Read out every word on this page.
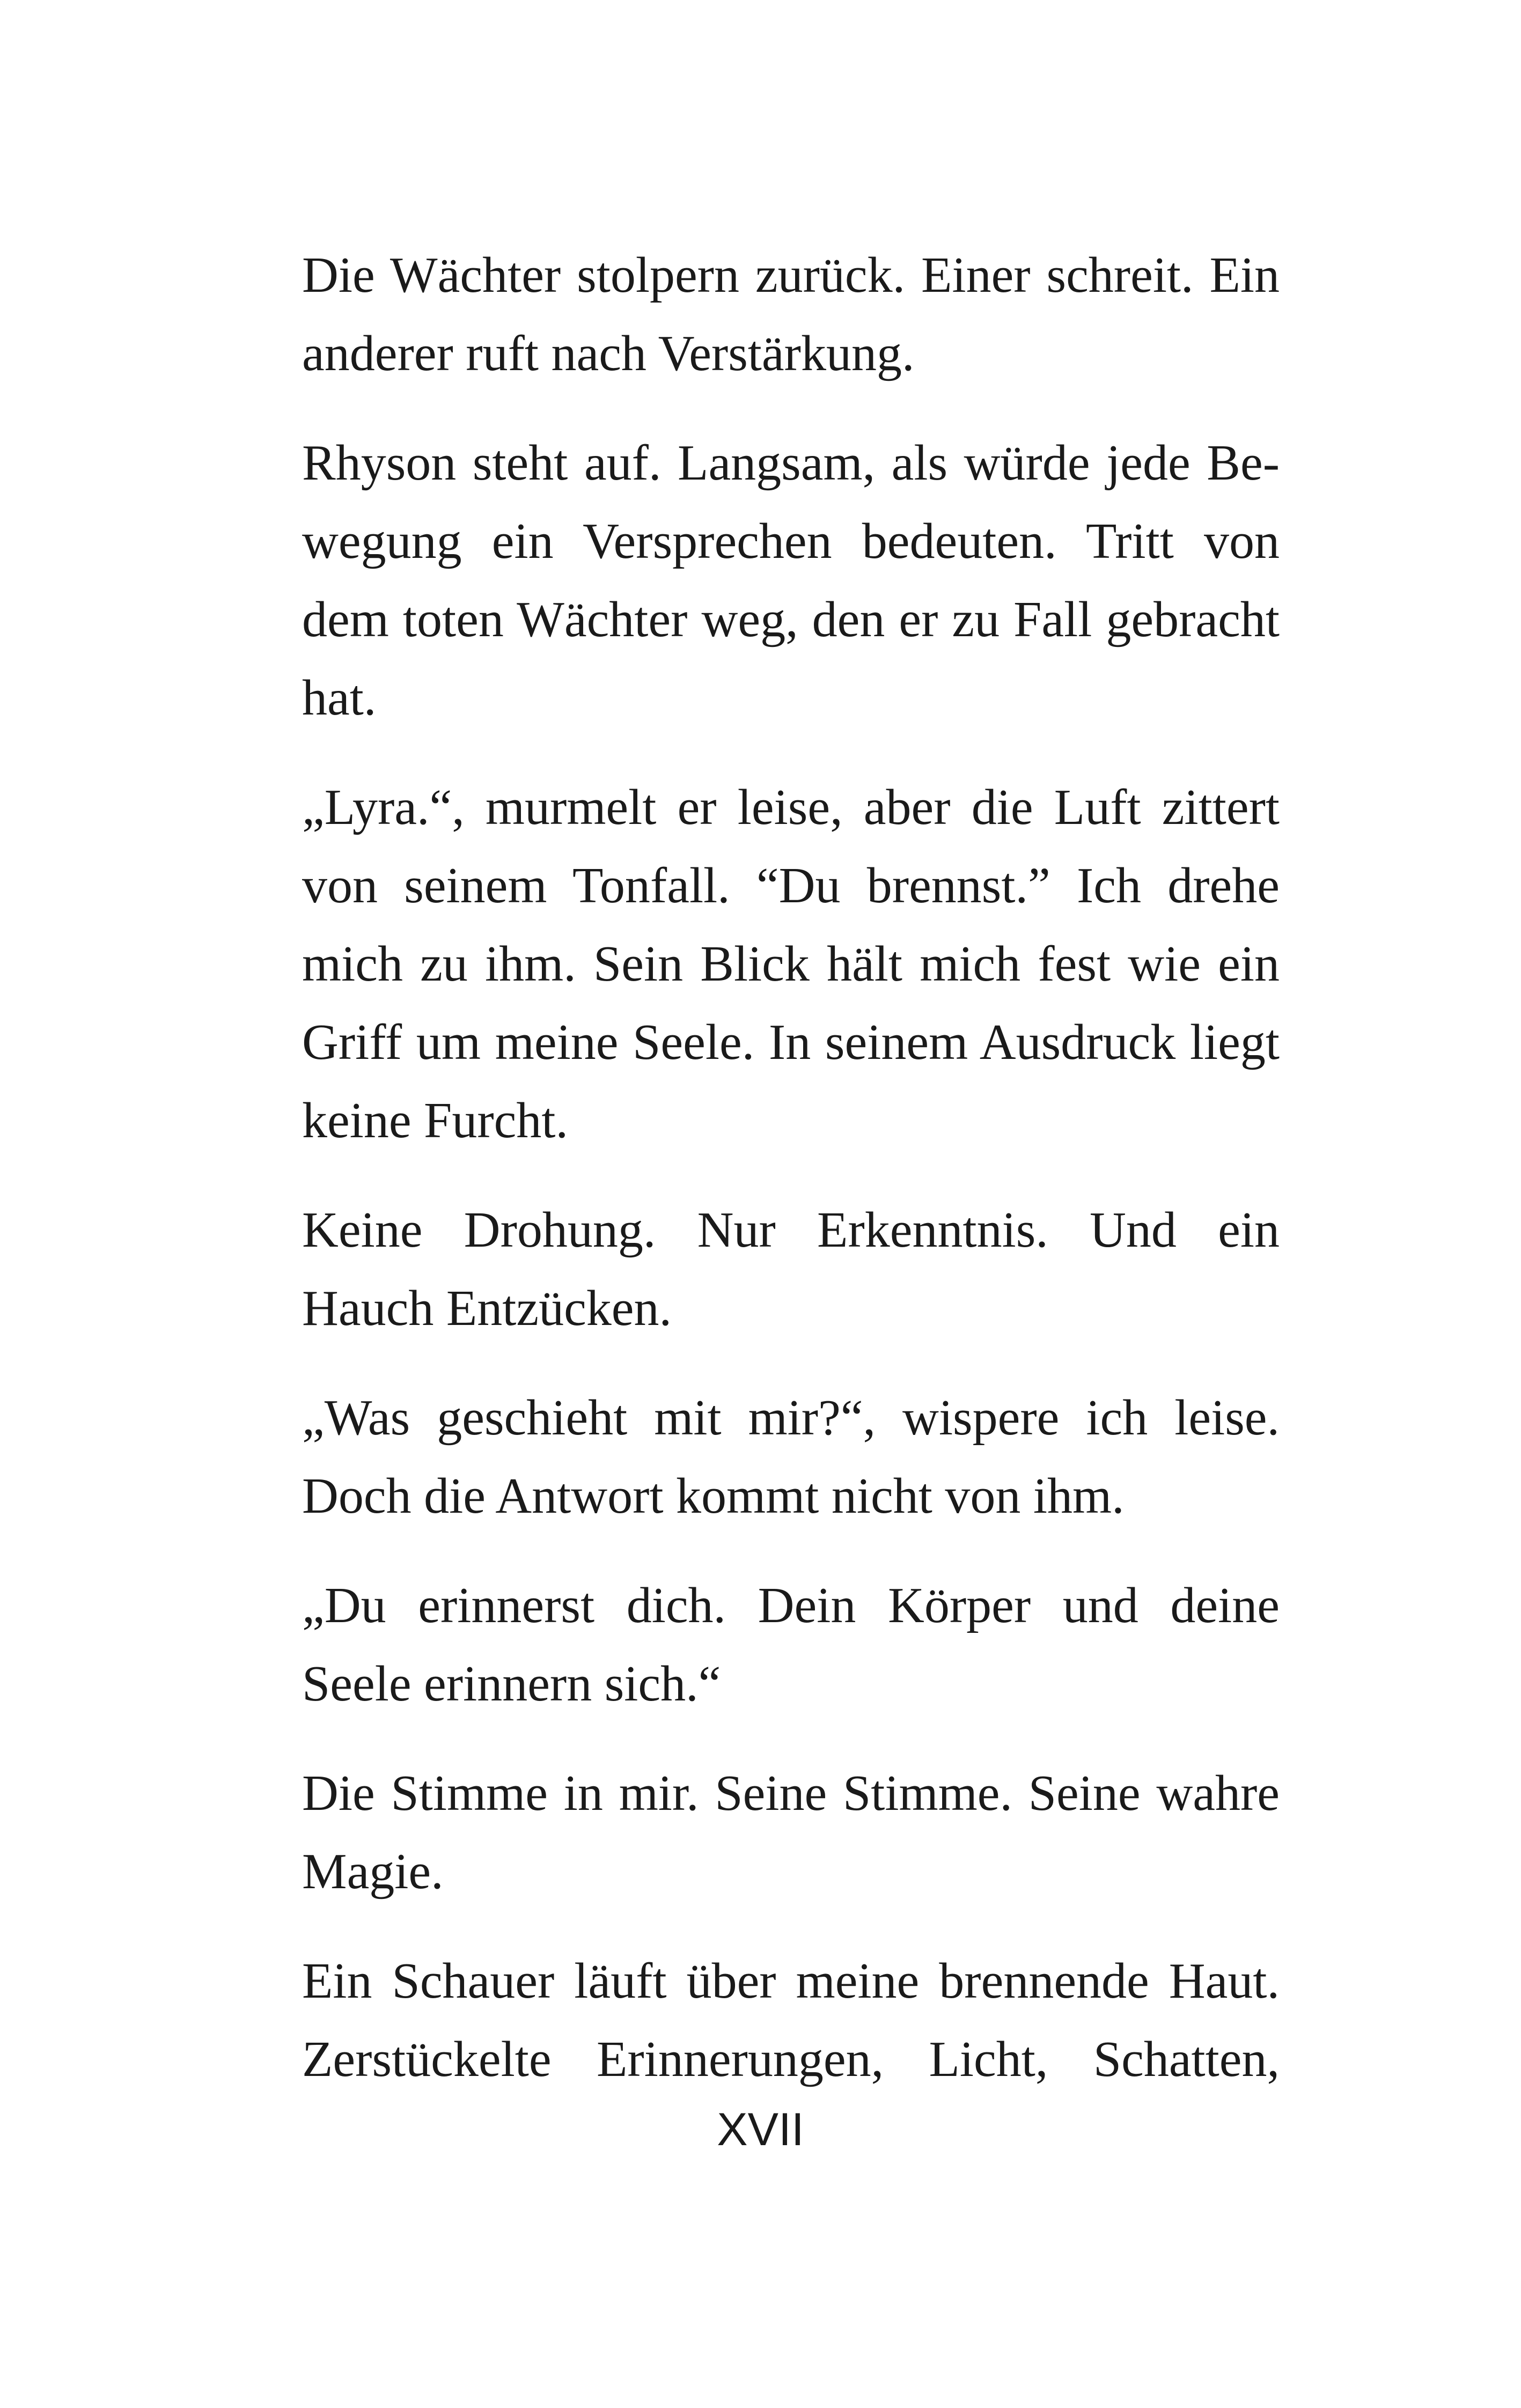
Die Wächter stolpern zurück. Einer schreit. Ein anderer ruft nach Verstärkung.

Rhyson steht auf. Langsam, als würde jede Bewegung ein Versprechen bedeuten. Tritt von dem toten Wächter weg, den er zu Fall gebracht hat.

„Lyra.“, murmelt er leise, aber die Luft zittert von seinem Tonfall. “Du brennst.” Ich drehe mich zu ihm. Sein Blick hält mich fest wie ein Griff um meine Seele. In seinem Ausdruck liegt keine Furcht.

Keine Drohung. Nur Erkenntnis. Und ein Hauch Entzücken.

„Was geschieht mit mir?“, wispere ich leise. Doch die Antwort kommt nicht von ihm.

„Du erinnerst dich. Dein Körper und deine Seele erinnern sich.“

Die Stimme in mir. Seine Stimme. Seine wahre Magie.

Ein Schauer läuft über meine brennende Haut. Zerstückelte Erinnerungen, Licht, Schatten,

XVII
